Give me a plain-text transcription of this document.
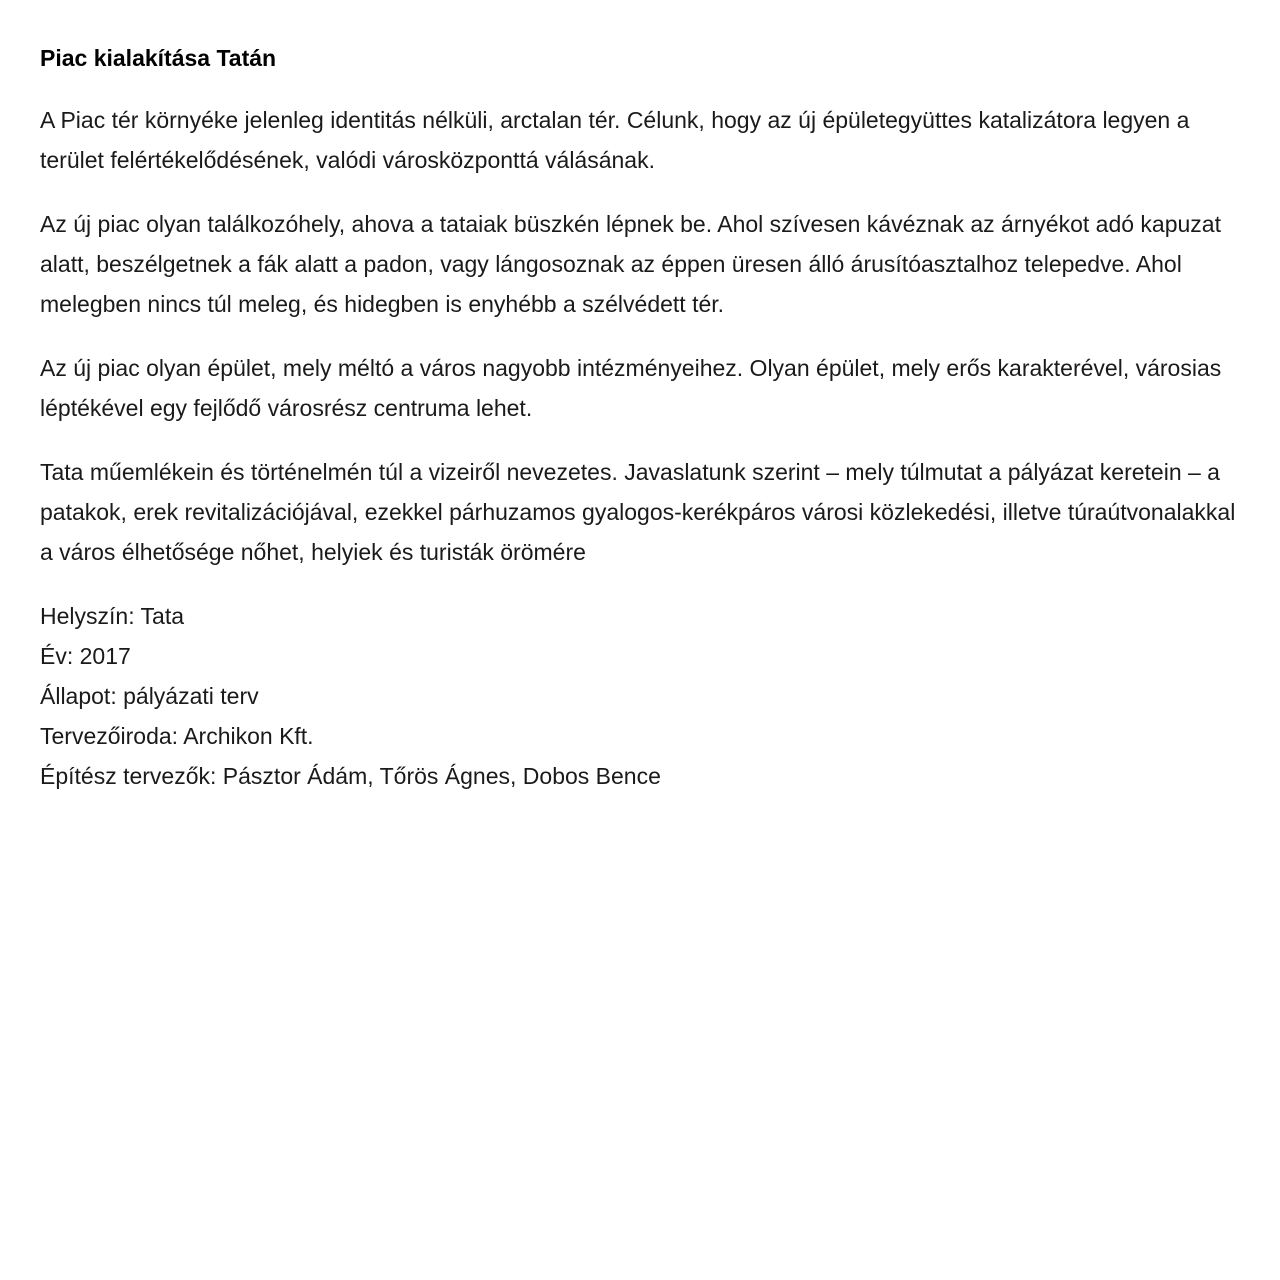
Piac kialakítása Tatán

A Piac tér környéke jelenleg identitás nélküli, arctalan tér. Célunk, hogy az új épületegyüttes katalizátora legyen a terület felértékelődésének, valódi városközponttá válásának.

Az új piac olyan találkozóhely, ahova a tataiak büszkén lépnek be. Ahol szívesen kávéznak az árnyékot adó kapuzat alatt, beszélgetnek a fák alatt a padon, vagy lángosoznak az éppen üresen álló árusítóasztalhoz telepedve. Ahol melegben nincs túl meleg, és hidegben is enyhébb a szélvédett tér.

Az új piac olyan épület, mely méltó a város nagyobb intézményeihez. Olyan épület, mely erős karakterével, városias léptékével egy fejlődő városrész centruma lehet.

Tata műemlékein és történelmén túl a vizeiről nevezetes. Javaslatunk szerint – mely túlmutat a pályázat keretein – a patakok, erek revitalizációjával, ezekkel párhuzamos gyalogos-kerékpáros városi közlekedési, illetve túraútvonalakkal a város élhetősége nőhet, helyiek és turisták örömére

Helyszín: Tata
Év: 2017
Állapot: pályázati terv
Tervezőiroda: Archikon Kft.
Építész tervezők: Pásztor Ádám, Tőrös Ágnes, Dobos Bence
